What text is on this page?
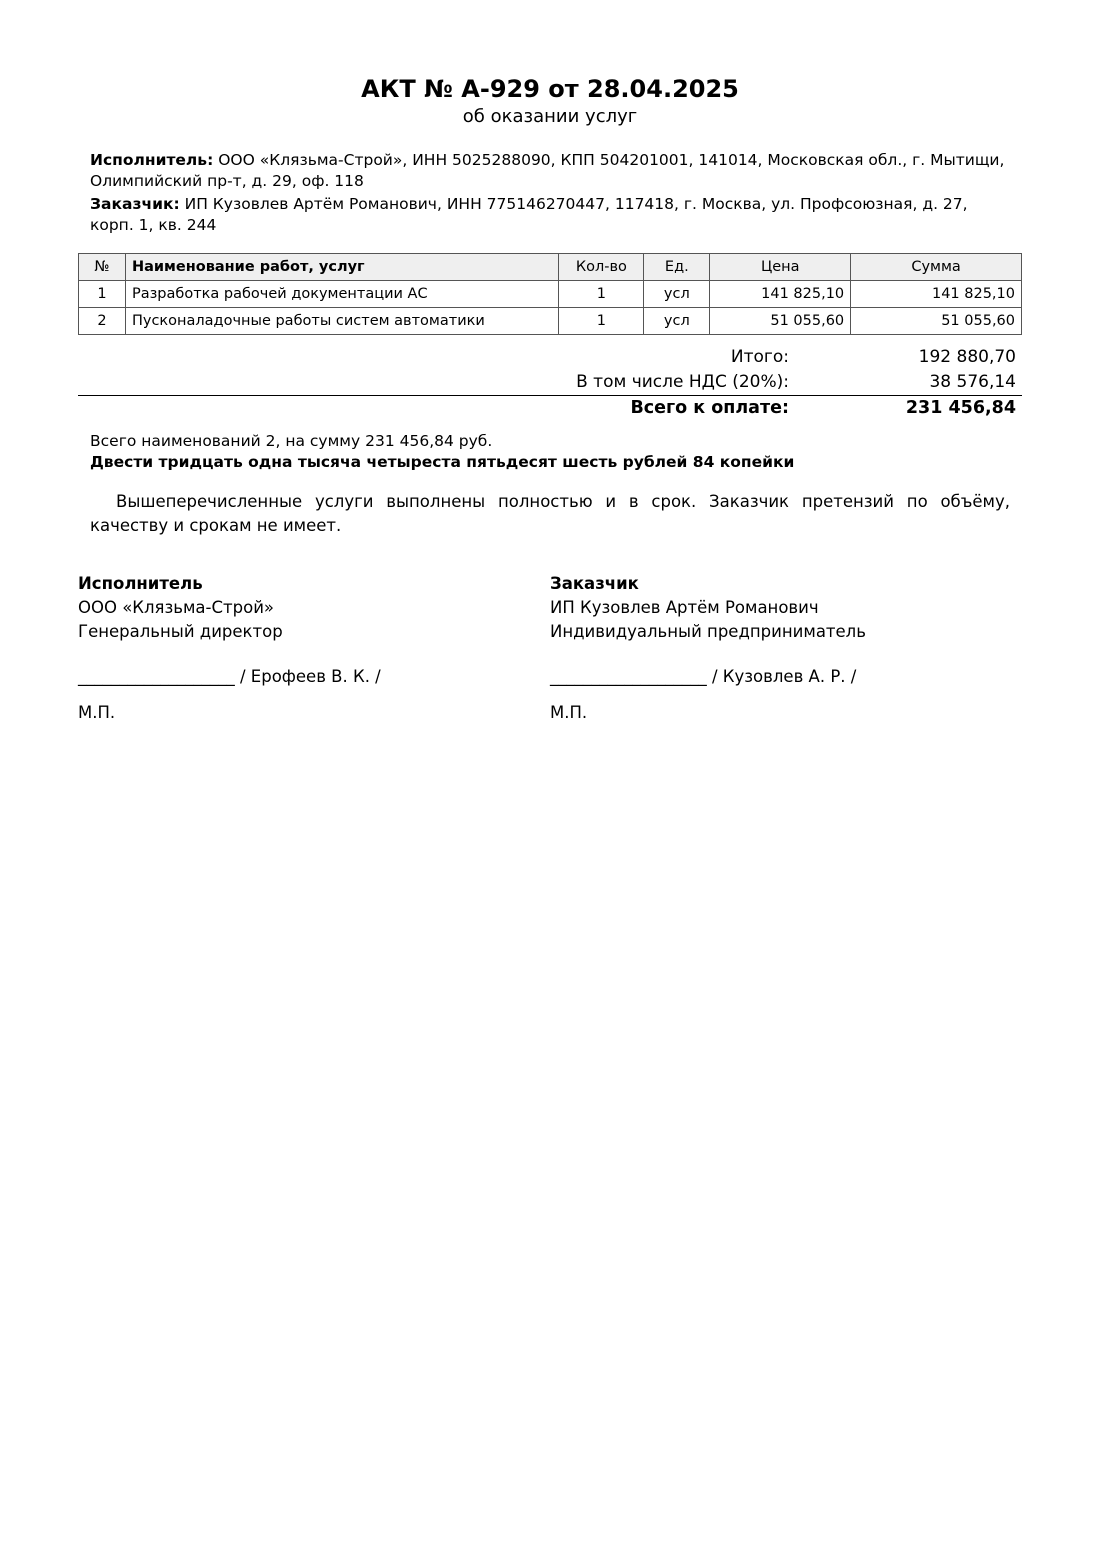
АКТ № А-929 от 28.04.2025
об оказании услуг
Исполнитель: ООО «Клязьма-Строй», ИНН 5025288090, КПП 504201001, 141014, Московская обл., г. Мытищи, Олимпийский пр-т, д. 29, оф. 118
Заказчик: ИП Кузовлев Артём Романович, ИНН 775146270447, 117418, г. Москва, ул. Профсоюзная, д. 27, корп. 1, кв. 244
№	Наименование работ, услуг	Кол-во	Ед.	Цена	Сумма
1	Разработка рабочей документации АС	1	усл	141 825,10	141 825,10
2	Пусконаладочные работы систем автоматики	1	усл	51 055,60	51 055,60
Итого:	192 880,70
В том числе НДС (20%):	38 576,14
Всего к оплате:	231 456,84
Всего наименований 2, на сумму 231 456,84 руб.
Двести тридцать одна тысяча четыреста пятьдесят шесть рублей 84 копейки
Вышеперечисленные услуги выполнены полностью и в срок. Заказчик претензий по объёму, качеству и срокам не имеет.
Исполнитель
ООО «Клязьма-Строй»
Генеральный директор
___________________ / Ерофеев В. К. /
М.П.
Заказчик
ИП Кузовлев Артём Романович
Индивидуальный предприниматель
___________________ / Кузовлев А. Р. /
М.П.
